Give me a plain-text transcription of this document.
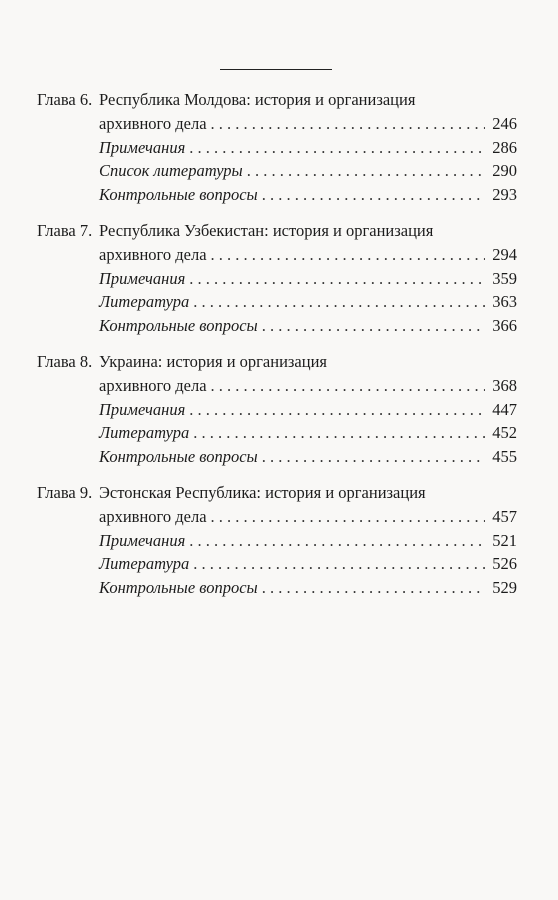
Глава 6. Республика Молдова: история и организация
архивного дела . . .	246
Примечания . . .	286
Список литературы . . .	290
Контрольные вопросы . . .	293
Глава 7. Республика Узбекистан: история и организация
архивного дела . . .	294
Примечания . . .	359
Литература . . .	363
Контрольные вопросы . . .	366
Глава 8. Украина: история и организация
архивного дела . . .	368
Примечания . . .	447
Литература . . .	452
Контрольные вопросы . . .	455
Глава 9. Эстонская Республика: история и организация
архивного дела . . .	457
Примечания . . .	521
Литература . . .	526
Контрольные вопросы . . .	529
